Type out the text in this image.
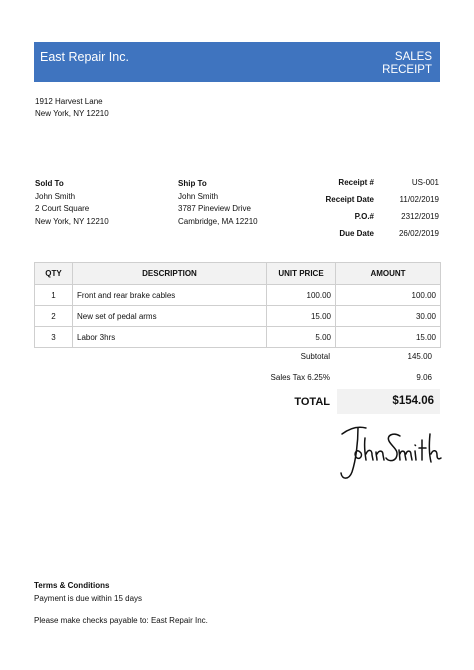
East Repair Inc.	SALES
RECEIPT
1912 Harvest Lane
New York, NY 12210
Sold To
John Smith
2 Court Square
New York, NY 12210
Ship To
John Smith
3787 Pineview Drive
Cambridge, MA 12210
Receipt #	US-001
Receipt Date	11/02/2019
P.O.#	2312/2019
Due Date	26/02/2019
QTY	DESCRIPTION	UNIT PRICE	AMOUNT
1	Front and rear brake cables	100.00	100.00
2	New set of pedal arms	15.00	30.00
3	Labor 3hrs	5.00	15.00
Subtotal	145.00
Sales Tax 6.25%	9.06
TOTAL	$154.06
Terms & Conditions
Payment is due within 15 days
Please make checks payable to: East Repair Inc.
